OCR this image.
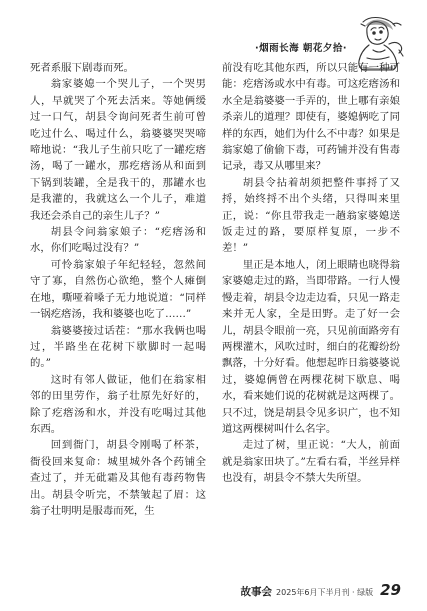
·烟雨长海 朝花夕拾·

死者系服下剧毒而死。

翁家婆媳一个哭儿子，一个哭男人，早就哭了个死去活来。等她俩缓过一口气，胡县令询问死者生前可曾吃过什么、喝过什么，翁婆婆哭哭啼啼地说：“我儿子生前只吃了一罐疙瘩汤，喝了一罐水，那疙瘩汤从和面到下锅到装罐，全是我干的，那罐水也是我灌的，我就这么一个儿子，难道我还会杀自己的亲生儿子？”

胡县令问翁家娘子：“疙瘩汤和水，你们吃喝过没有？”

可怜翁家娘子年纪轻轻，忽然间守了寡，自然伤心欲绝，整个人瘫倒在地，嘶哑着嗓子无力地说道：“同样一锅疙瘩汤，我和婆婆也吃了……”

翁婆婆接过话茬：“那水我俩也喝过，半路坐在花树下歇脚时一起喝的。”

这时有邻人做证，他们在翁家相邻的田里劳作，翁子壮原先好好的，除了疙瘩汤和水，并没有吃喝过其他东西。

回到衙门，胡县令刚喝了杯茶，衙役回来复命：城里城外各个药铺全查过了，并无砒霜及其他有毒药物售出。胡县令听完，不禁皱起了眉：这翁子壮明明是服毒而死，生

前没有吃其他东西，所以只能有一种可能：疙瘩汤或水中有毒。可这疙瘩汤和水全是翁婆婆一手弄的，世上哪有亲娘杀亲儿的道理？即使有，婆媳俩吃了同样的东西，她们为什么不中毒？如果是翁家媳了偷偷下毒，可药铺并没有售毒记录，毒又从哪里来？

胡县令拈着胡须把整件事捋了又捋，始终捋不出个头绪，只得叫来里正，说：“你且带我走一趟翁家婆媳送饭走过的路，要原样复原，一步不差！”

里正是本地人，闭上眼睛也晓得翁家婆媳走过的路，当即带路。一行人慢慢走着，胡县令边走边看，只见一路走来并无人家，全是田野。走了好一会儿，胡县令眼前一亮，只见前面路旁有两棵灌木，风吹过时，细白的花瓣纷纷飘落，十分好看。他想起昨日翁婆婆说过，婆媳俩曾在两棵花树下歇息、喝水，看来她们说的花树就是这两棵了。只不过，饶是胡县令见多识广，也不知道这两棵树叫什么名字。

走过了树，里正说：“大人，前面就是翁家田块了。”左看右看，半丝异样也没有，胡县令不禁大失所望。

故事会 2025年6月下半月刊 · 绿版 29
